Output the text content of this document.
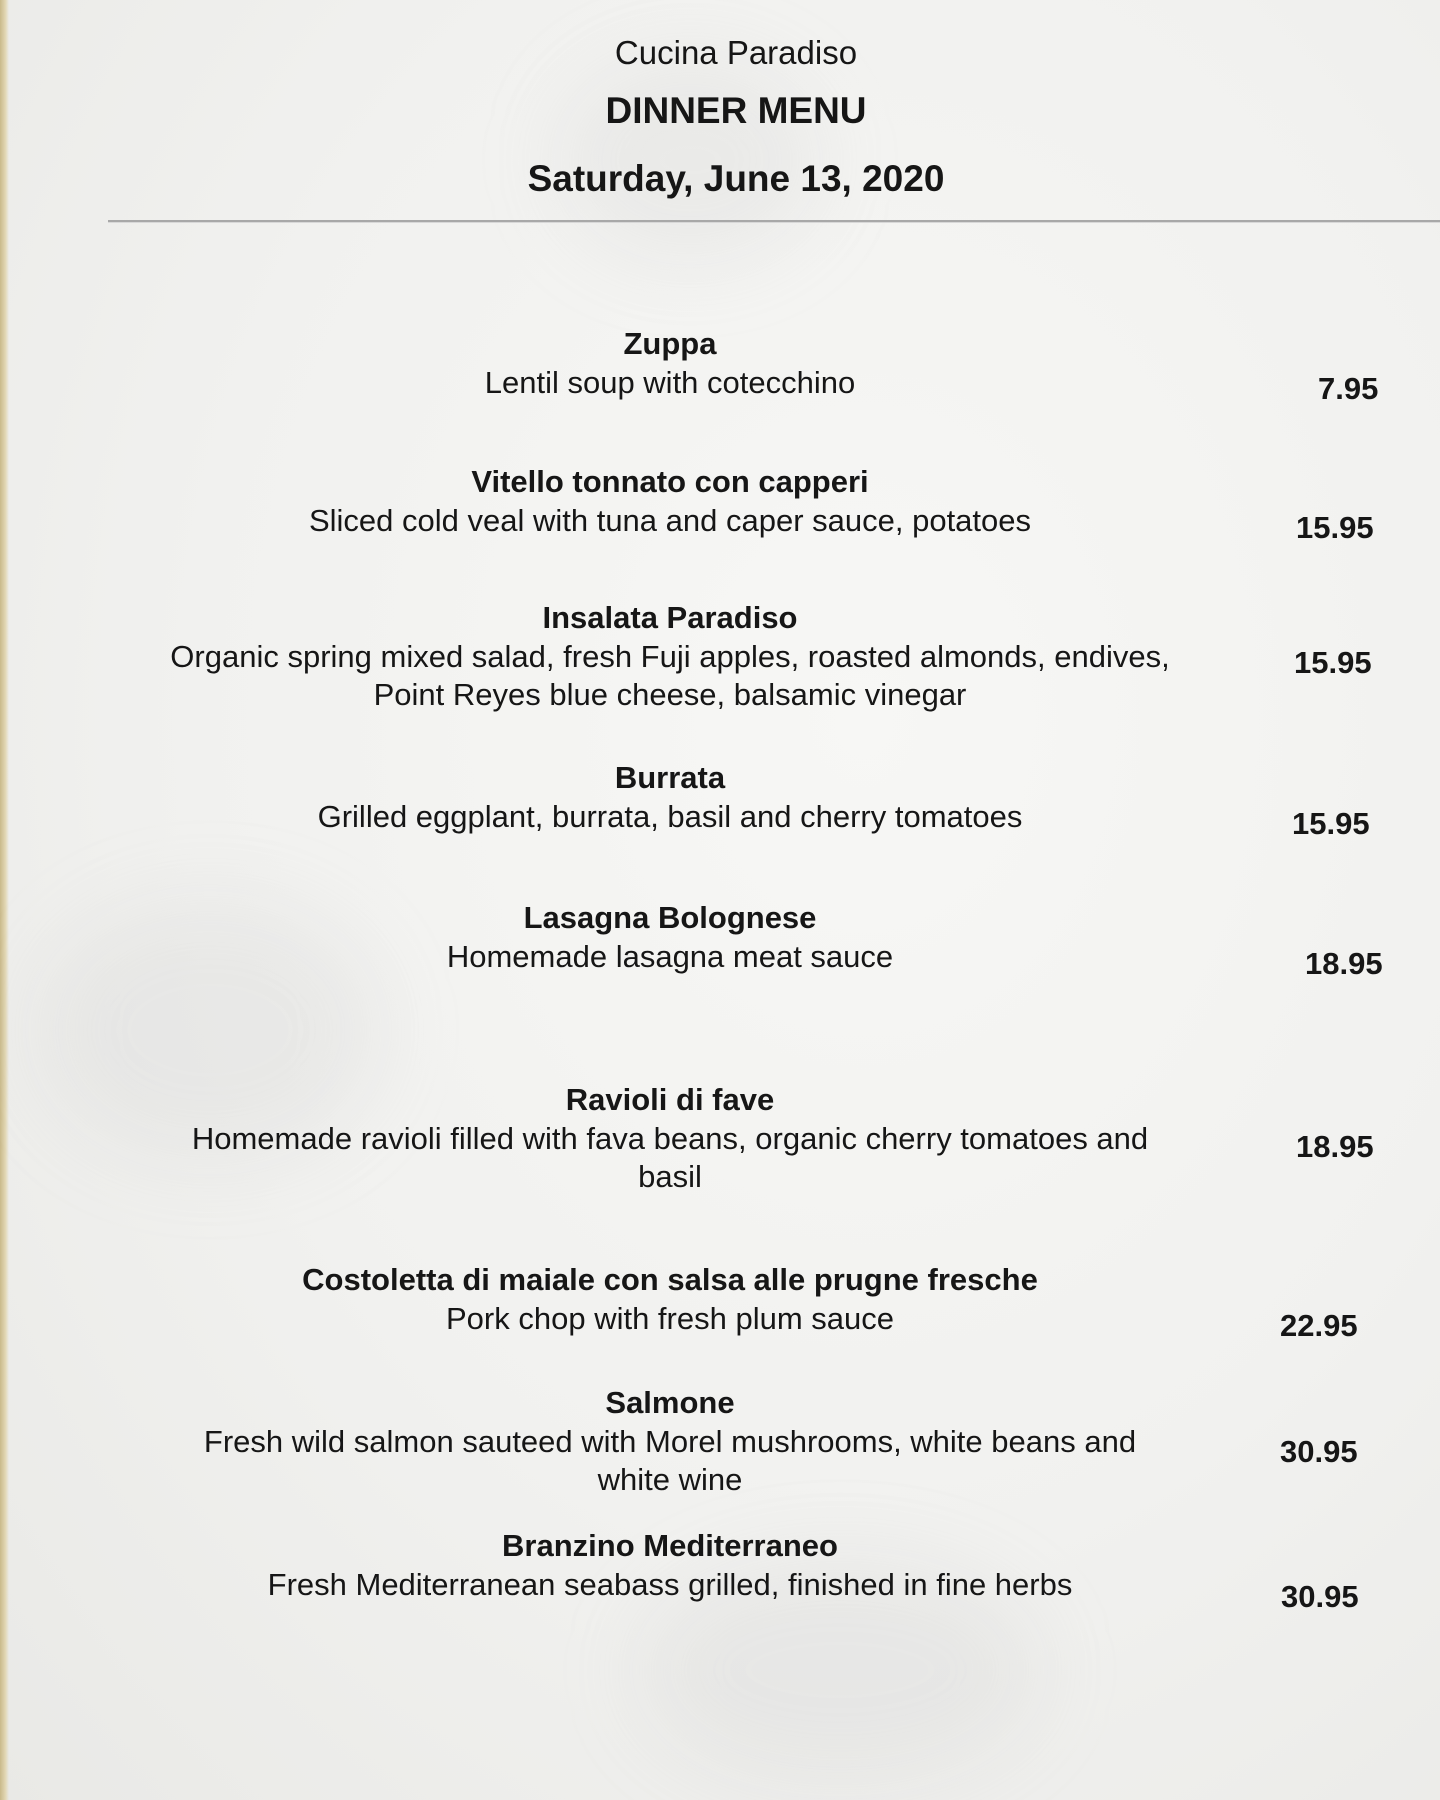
Cucina Paradiso
DINNER MENU
Saturday, June 13, 2020
Zuppa
Lentil soup with cotecchino	7.95
Vitello tonnato con capperi
Sliced cold veal with tuna and caper sauce, potatoes	15.95
Insalata Paradiso
Organic spring mixed salad, fresh Fuji apples, roasted almonds, endives,
Point Reyes blue cheese, balsamic vinegar
15.95
Burrata
Grilled eggplant, burrata, basil and cherry tomatoes	15.95
Lasagna Bolognese
Homemade lasagna meat sauce	18.95
Ravioli di fave
Homemade ravioli filled with fava beans, organic cherry tomatoes and
basil
18.95
Costoletta di maiale con salsa alle prugne fresche
Pork chop with fresh plum sauce	22.95
Salmone
Fresh wild salmon sauteed with Morel mushrooms, white beans and
white wine
30.95
Branzino Mediterraneo
Fresh Mediterranean seabass grilled, finished in fine herbs	30.95
